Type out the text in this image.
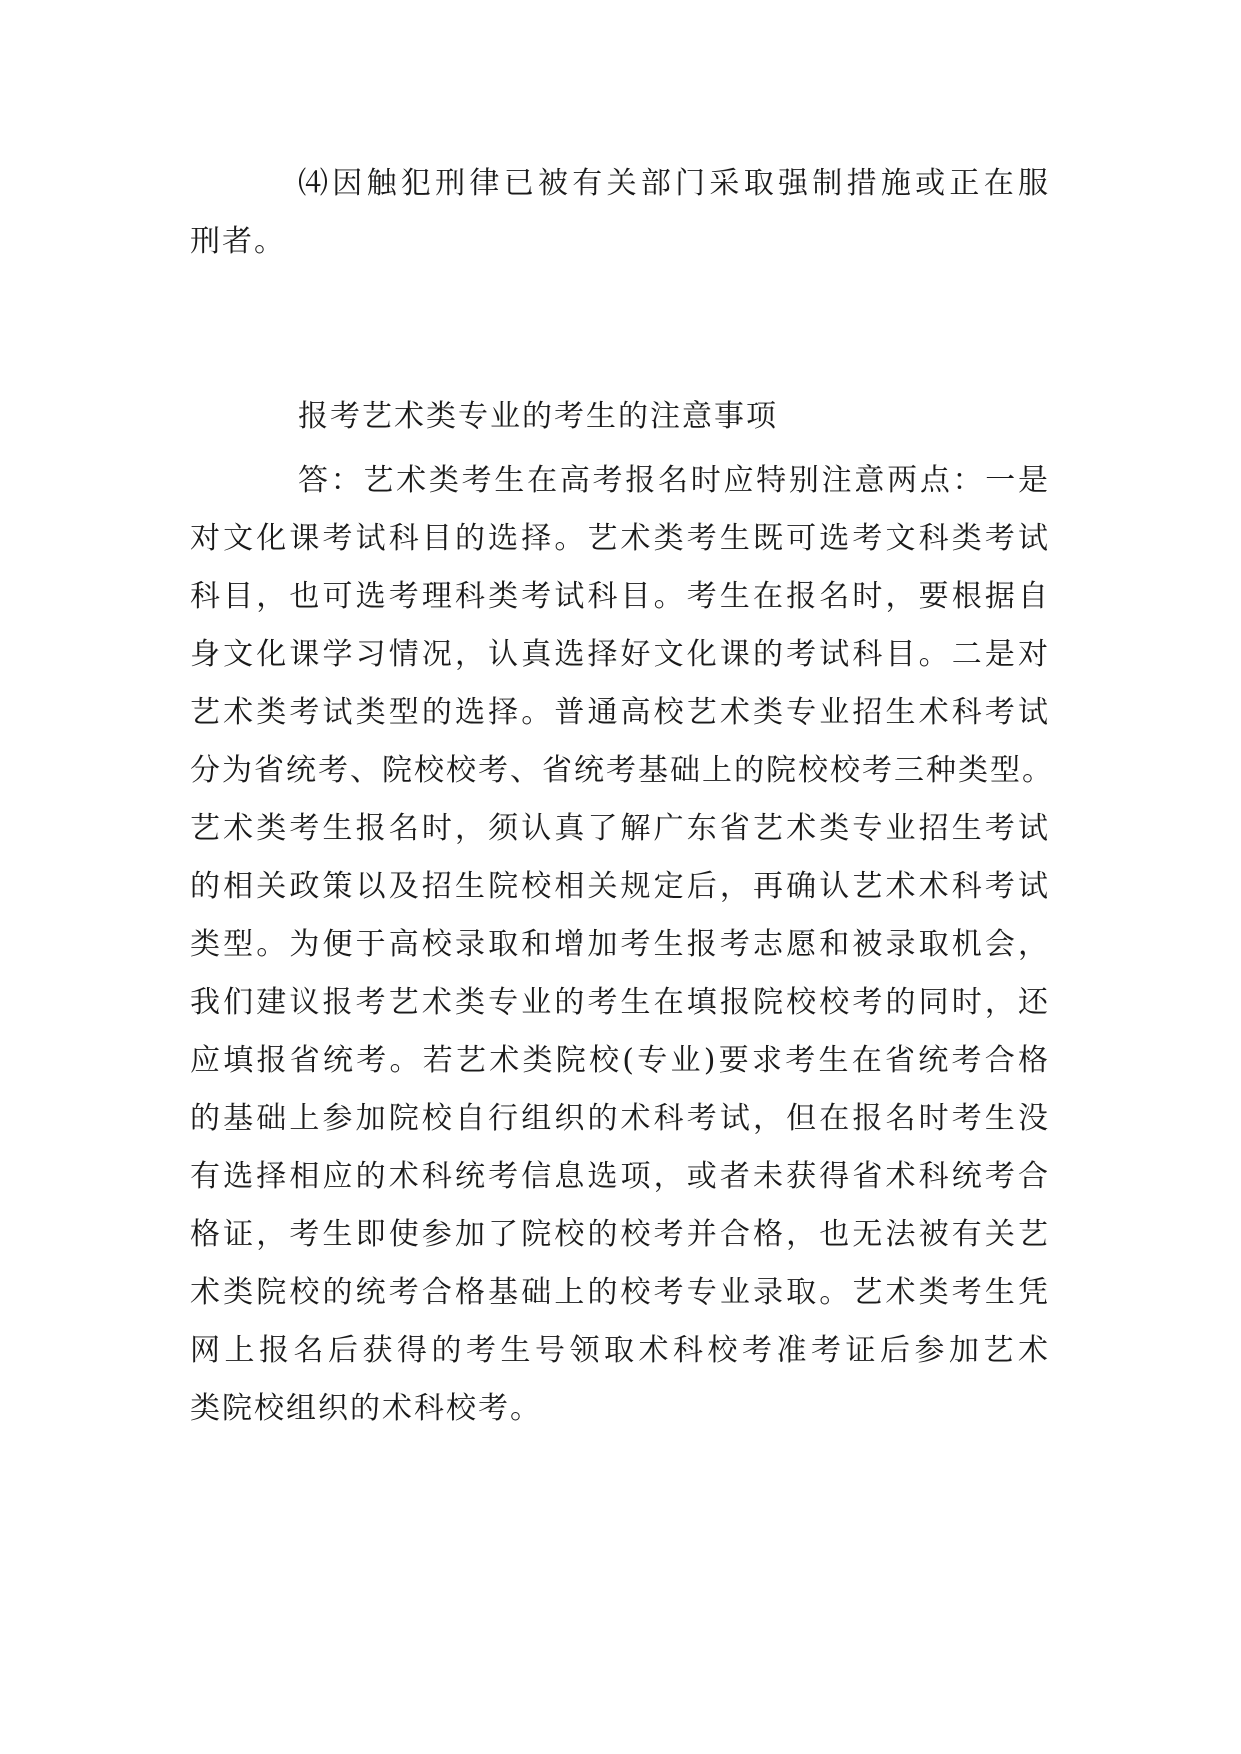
⑷因触犯刑律已被有关部门采取强制措施或正在服
刑者。
报考艺术类专业的考生的注意事项
答：艺术类考生在高考报名时应特别注意两点：一是
对文化课考试科目的选择。艺术类考生既可选考文科类考试
科目，也可选考理科类考试科目。考生在报名时，要根据自
身文化课学习情况，认真选择好文化课的考试科目。二是对
艺术类考试类型的选择。普通高校艺术类专业招生术科考试
分为省统考、院校校考、省统考基础上的院校校考三种类型。
艺术类考生报名时，须认真了解广东省艺术类专业招生考试
的相关政策以及招生院校相关规定后，再确认艺术术科考试
类型。为便于高校录取和增加考生报考志愿和被录取机会，
我们建议报考艺术类专业的考生在填报院校校考的同时，还
应填报省统考。若艺术类院校(专业)要求考生在省统考合格
的基础上参加院校自行组织的术科考试，但在报名时考生没
有选择相应的术科统考信息选项，或者未获得省术科统考合
格证，考生即使参加了院校的校考并合格，也无法被有关艺
术类院校的统考合格基础上的校考专业录取。艺术类考生凭
网上报名后获得的考生号领取术科校考准考证后参加艺术
类院校组织的术科校考。
